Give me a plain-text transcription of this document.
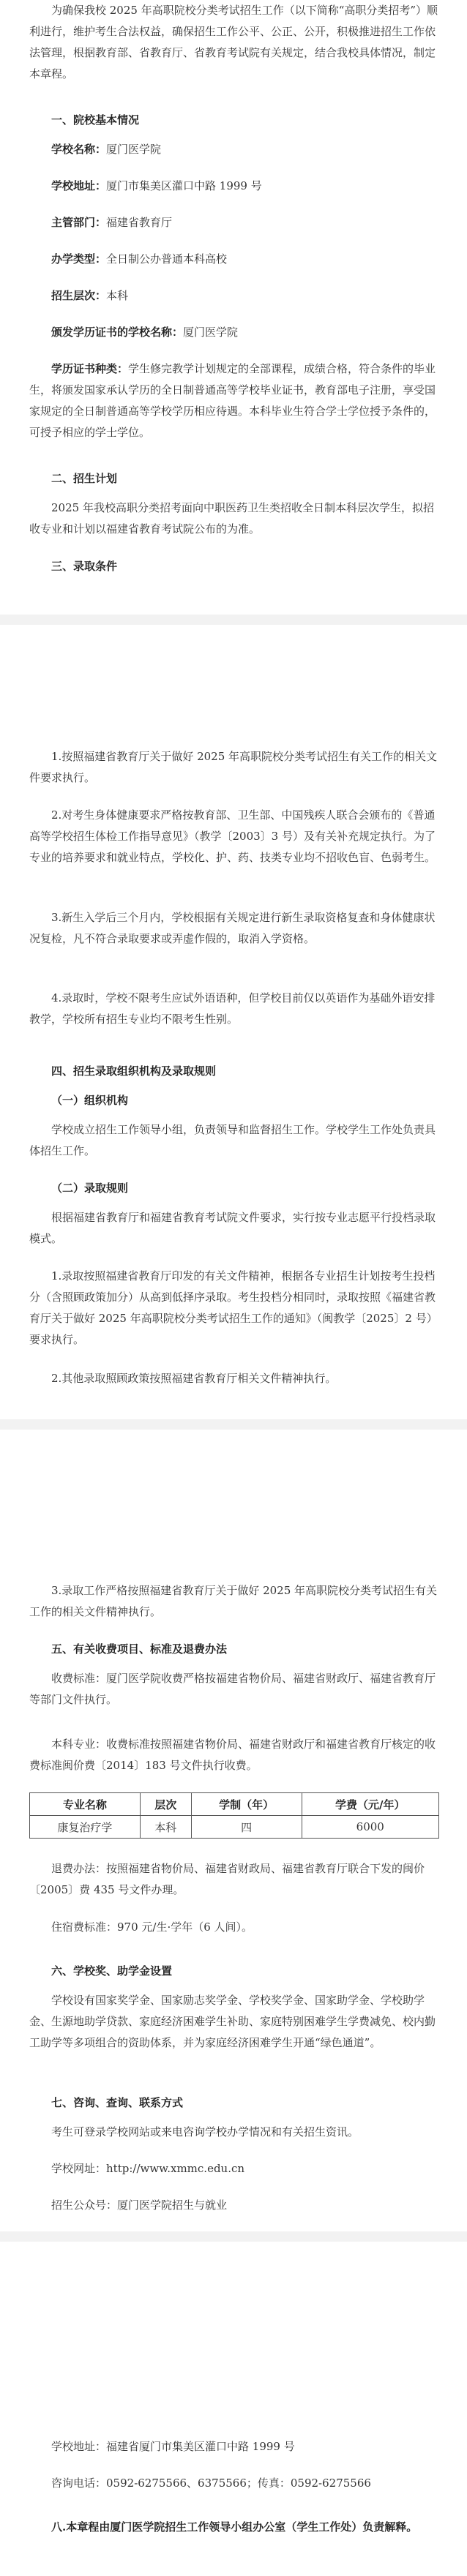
为确保我校 2025 年高职院校分类考试招生工作（以下简称“高职分类招考”）顺利进行，维护考生合法权益，确保招生工作公平、公正、公开，积极推进招生工作依法管理，根据教育部、省教育厅、省教育考试院有关规定，结合我校具体情况，制定本章程。

一、院校基本情况

学校名称：厦门医学院

学校地址：厦门市集美区灌口中路 1999 号

主管部门：福建省教育厅

办学类型：全日制公办普通本科高校

招生层次：本科

颁发学历证书的学校名称：厦门医学院

学历证书种类：学生修完教学计划规定的全部课程，成绩合格，符合条件的毕业生，将颁发国家承认学历的全日制普通高等学校毕业证书，教育部电子注册，享受国家规定的全日制普通高等学校学历相应待遇。本科毕业生符合学士学位授予条件的，可授予相应的学士学位。

二、招生计划

2025 年我校高职分类招考面向中职医药卫生类招收全日制本科层次学生，拟招收专业和计划以福建省教育考试院公布的为准。

三、录取条件

1.按照福建省教育厅关于做好 2025 年高职院校分类考试招生有关工作的相关文件要求执行。

2.对考生身体健康要求严格按教育部、卫生部、中国残疾人联合会颁布的《普通高等学校招生体检工作指导意见》（教学〔2003〕3 号）及有关补充规定执行。为了专业的培养要求和就业特点，学校化、护、药、技类专业均不招收色盲、色弱考生。

3.新生入学后三个月内，学校根据有关规定进行新生录取资格复查和身体健康状况复检，凡不符合录取要求或弄虚作假的，取消入学资格。

4.录取时，学校不限考生应试外语语种，但学校目前仅以英语作为基础外语安排教学，学校所有招生专业均不限考生性别。

四、招生录取组织机构及录取规则

（一）组织机构

学校成立招生工作领导小组，负责领导和监督招生工作。学校学生工作处负责具体招生工作。

（二）录取规则

根据福建省教育厅和福建省教育考试院文件要求，实行按专业志愿平行投档录取模式。

1.录取按照福建省教育厅印发的有关文件精神，根据各专业招生计划按考生投档分（含照顾政策加分）从高到低择序录取。考生投档分相同时，录取按照《福建省教育厅关于做好 2025 年高职院校分类考试招生工作的通知》（闽教学〔2025〕2 号）要求执行。

2.其他录取照顾政策按照福建省教育厅相关文件精神执行。

3.录取工作严格按照福建省教育厅关于做好 2025 年高职院校分类考试招生有关工作的相关文件精神执行。

五、有关收费项目、标准及退费办法

收费标准：厦门医学院收费严格按福建省物价局、福建省财政厅、福建省教育厅等部门文件执行。

本科专业：收费标准按照福建省物价局、福建省财政厅和福建省教育厅核定的收费标准闽价费〔2014〕183 号文件执行收费。

专业名称	层次	学制（年）	学费（元/年）
康复治疗学	本科	四	6000

退费办法：按照福建省物价局、福建省财政局、福建省教育厅联合下发的闽价〔2005〕费 435 号文件办理。

住宿费标准：970 元/生·学年（6 人间）。

六、学校奖、助学金设置

学校设有国家奖学金、国家励志奖学金、学校奖学金、国家助学金、学校助学金、生源地助学贷款、家庭经济困难学生补助、家庭特别困难学生学费减免、校内勤工助学等多项组合的资助体系，并为家庭经济困难学生开通“绿色通道”。

七、咨询、查询、联系方式

考生可登录学校网站或来电咨询学校办学情况和有关招生资讯。

学校网址：http://www.xmmc.edu.cn

招生公众号：厦门医学院招生与就业

学校地址：福建省厦门市集美区灌口中路 1999 号

咨询电话：0592-6275566、6375566；传真：0592-6275566

八.本章程由厦门医学院招生工作领导小组办公室（学生工作处）负责解释。
